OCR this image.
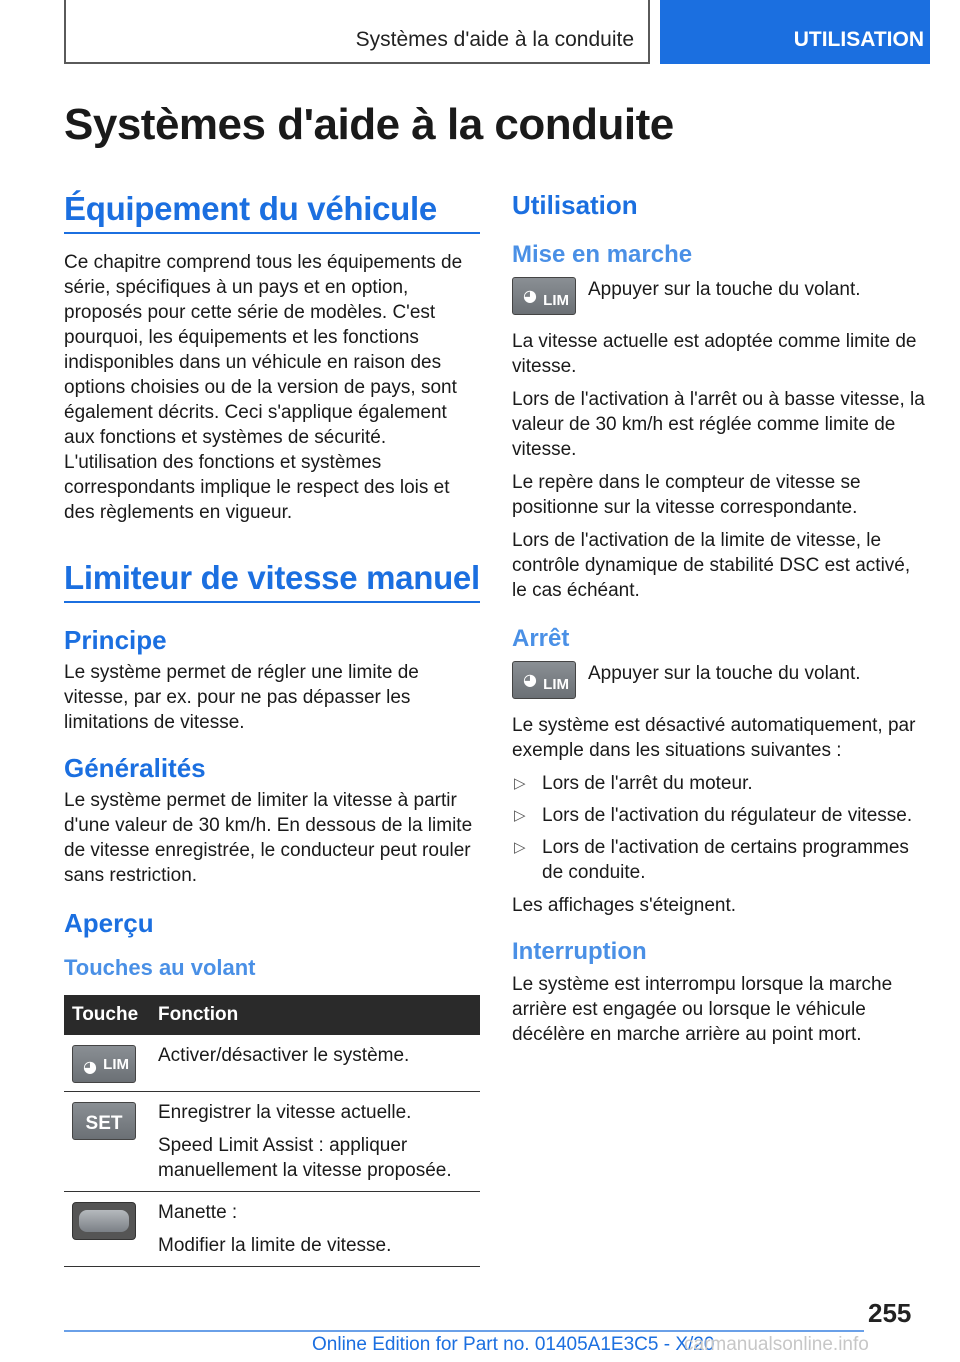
Systèmes d'aide à la conduite	UTILISATION
Systèmes d'aide à la conduite
Équipement du véhicule

Ce chapitre comprend tous les équipements de série, spécifiques à un pays et en option, proposés pour cette série de modèles. C'est pourquoi, les équipements et les fonctions indisponibles dans un véhicule en raison des options choisies ou de la version de pays, sont également décrits. Ceci s'applique également aux fonctions et systèmes de sécurité. L'utilisation des fonctions et systèmes correspondants implique le respect des lois et des règlements en vigueur.

Limiteur de vitesse manuel
Principe

Le système permet de régler une limite de vitesse, par ex. pour ne pas dépasser les limitations de vitesse.

Généralités

Le système permet de limiter la vitesse à partir d'une valeur de 30 km/h. En dessous de la limite de vitesse enregistrée, le conducteur peut rouler sans restriction.

Aperçu
Touches au volant
Touche	Fonction

◕ LIM	Activer/désactiver le système.

SET	Enregistrer la vitesse actuelle.

Speed Limit Assist : appliquer manuellement la vitesse proposée.

	Manette :

Modifier la limite de vitesse.

Utilisation
Mise en marche
◕ LIM

Appuyer sur la touche du volant.

La vitesse actuelle est adoptée comme limite de vitesse.

Lors de l'activation à l'arrêt ou à basse vitesse, la valeur de 30 km/h est réglée comme limite de vitesse.

Le repère dans le compteur de vitesse se positionne sur la vitesse correspondante.

Lors de l'activation de la limite de vitesse, le contrôle dynamique de stabilité DSC est activé, le cas échéant.

Arrêt
◕ LIM

Appuyer sur la touche du volant.

Le système est désactivé automatiquement, par exemple dans les situations suivantes :

▷ Lors de l'arrêt du moteur.
▷ Lors de l'activation du régulateur de vitesse.
▷ Lors de l'activation de certains programmes de conduite.

Les affichages s'éteignent.

Interruption

Le système est interrompu lorsque la marche arrière est engagée ou lorsque le véhicule décélère en marche arrière au point mort.

255
Online Edition for Part no. 01405A1E3C5 - X/20
carmanualsonline.info
